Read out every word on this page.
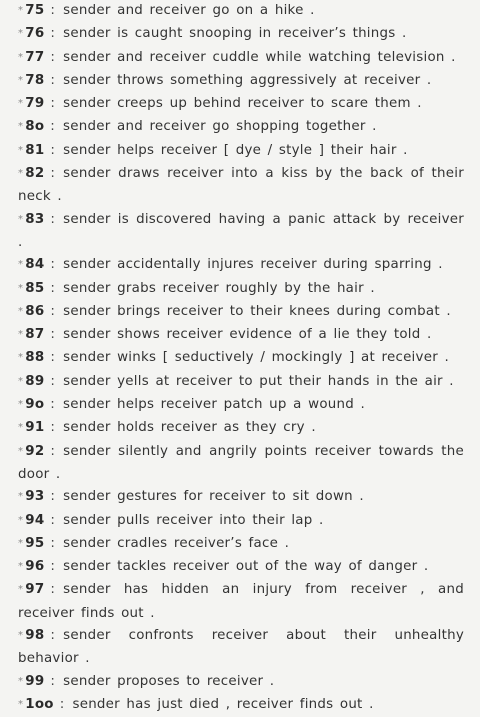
* 75 : sender and receiver go on a hike .
* 76 : sender is caught snooping in receiver’s things .
* 77 : sender and receiver cuddle while watching television .
* 78 : sender throws something aggressively at receiver .
* 79 : sender creeps up behind receiver to scare them .
* 8o : sender and receiver go shopping together .
* 81 : sender helps receiver [ dye / style ] their hair .
* 82 : sender draws receiver into a kiss by the back of their neck .
* 83 : sender is discovered having a panic attack by receiver .
* 84 : sender accidentally injures receiver during sparring .
* 85 : sender grabs receiver roughly by the hair .
* 86 : sender brings receiver to their knees during combat .
* 87 : sender shows receiver evidence of a lie they told .
* 88 : sender winks [ seductively / mockingly ] at receiver .
* 89 : sender yells at receiver to put their hands in the air .
* 9o : sender helps receiver patch up a wound .
* 91 : sender holds receiver as they cry .
* 92 : sender silently and angrily points receiver towards the door .
* 93 : sender gestures for receiver to sit down .
* 94 : sender pulls receiver into their lap .
* 95 : sender cradles receiver’s face .
* 96 : sender tackles receiver out of the way of danger .
* 97 : sender has hidden an injury from receiver , and receiver finds out .
* 98 : sender confronts receiver about their unhealthy behavior .
* 99 : sender proposes to receiver .
* 1oo : sender has just died , receiver finds out .
